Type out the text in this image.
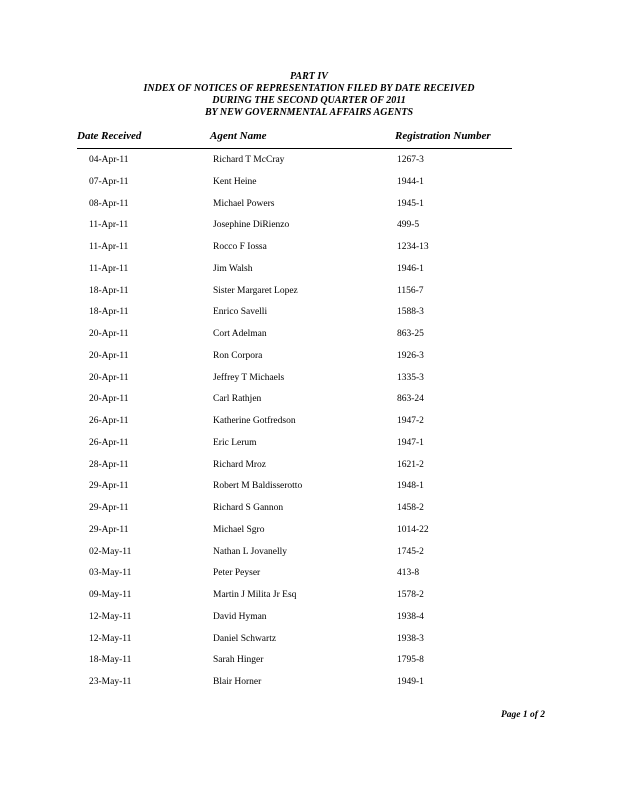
PART IV
INDEX OF NOTICES OF REPRESENTATION FILED BY DATE RECEIVED
DURING THE SECOND QUARTER OF 2011
BY NEW GOVERNMENTAL AFFAIRS AGENTS
Date Received	Agent Name	Registration Number
04-Apr-11	Richard T McCray	1267-3
07-Apr-11	Kent Heine	1944-1
08-Apr-11	Michael Powers	1945-1
11-Apr-11	Josephine DiRienzo	499-5
11-Apr-11	Rocco F Iossa	1234-13
11-Apr-11	Jim Walsh	1946-1
18-Apr-11	Sister Margaret Lopez	1156-7
18-Apr-11	Enrico Savelli	1588-3
20-Apr-11	Cort Adelman	863-25
20-Apr-11	Ron Corpora	1926-3
20-Apr-11	Jeffrey T Michaels	1335-3
20-Apr-11	Carl Rathjen	863-24
26-Apr-11	Katherine Gotfredson	1947-2
26-Apr-11	Eric Lerum	1947-1
28-Apr-11	Richard Mroz	1621-2
29-Apr-11	Robert M Baldisserotto	1948-1
29-Apr-11	Richard S Gannon	1458-2
29-Apr-11	Michael Sgro	1014-22
02-May-11	Nathan L Jovanelly	1745-2
03-May-11	Peter Peyser	413-8
09-May-11	Martin J Milita Jr Esq	1578-2
12-May-11	David Hyman	1938-4
12-May-11	Daniel Schwartz	1938-3
18-May-11	Sarah Hinger	1795-8
23-May-11	Blair Horner	1949-1
Page 1 of 2
